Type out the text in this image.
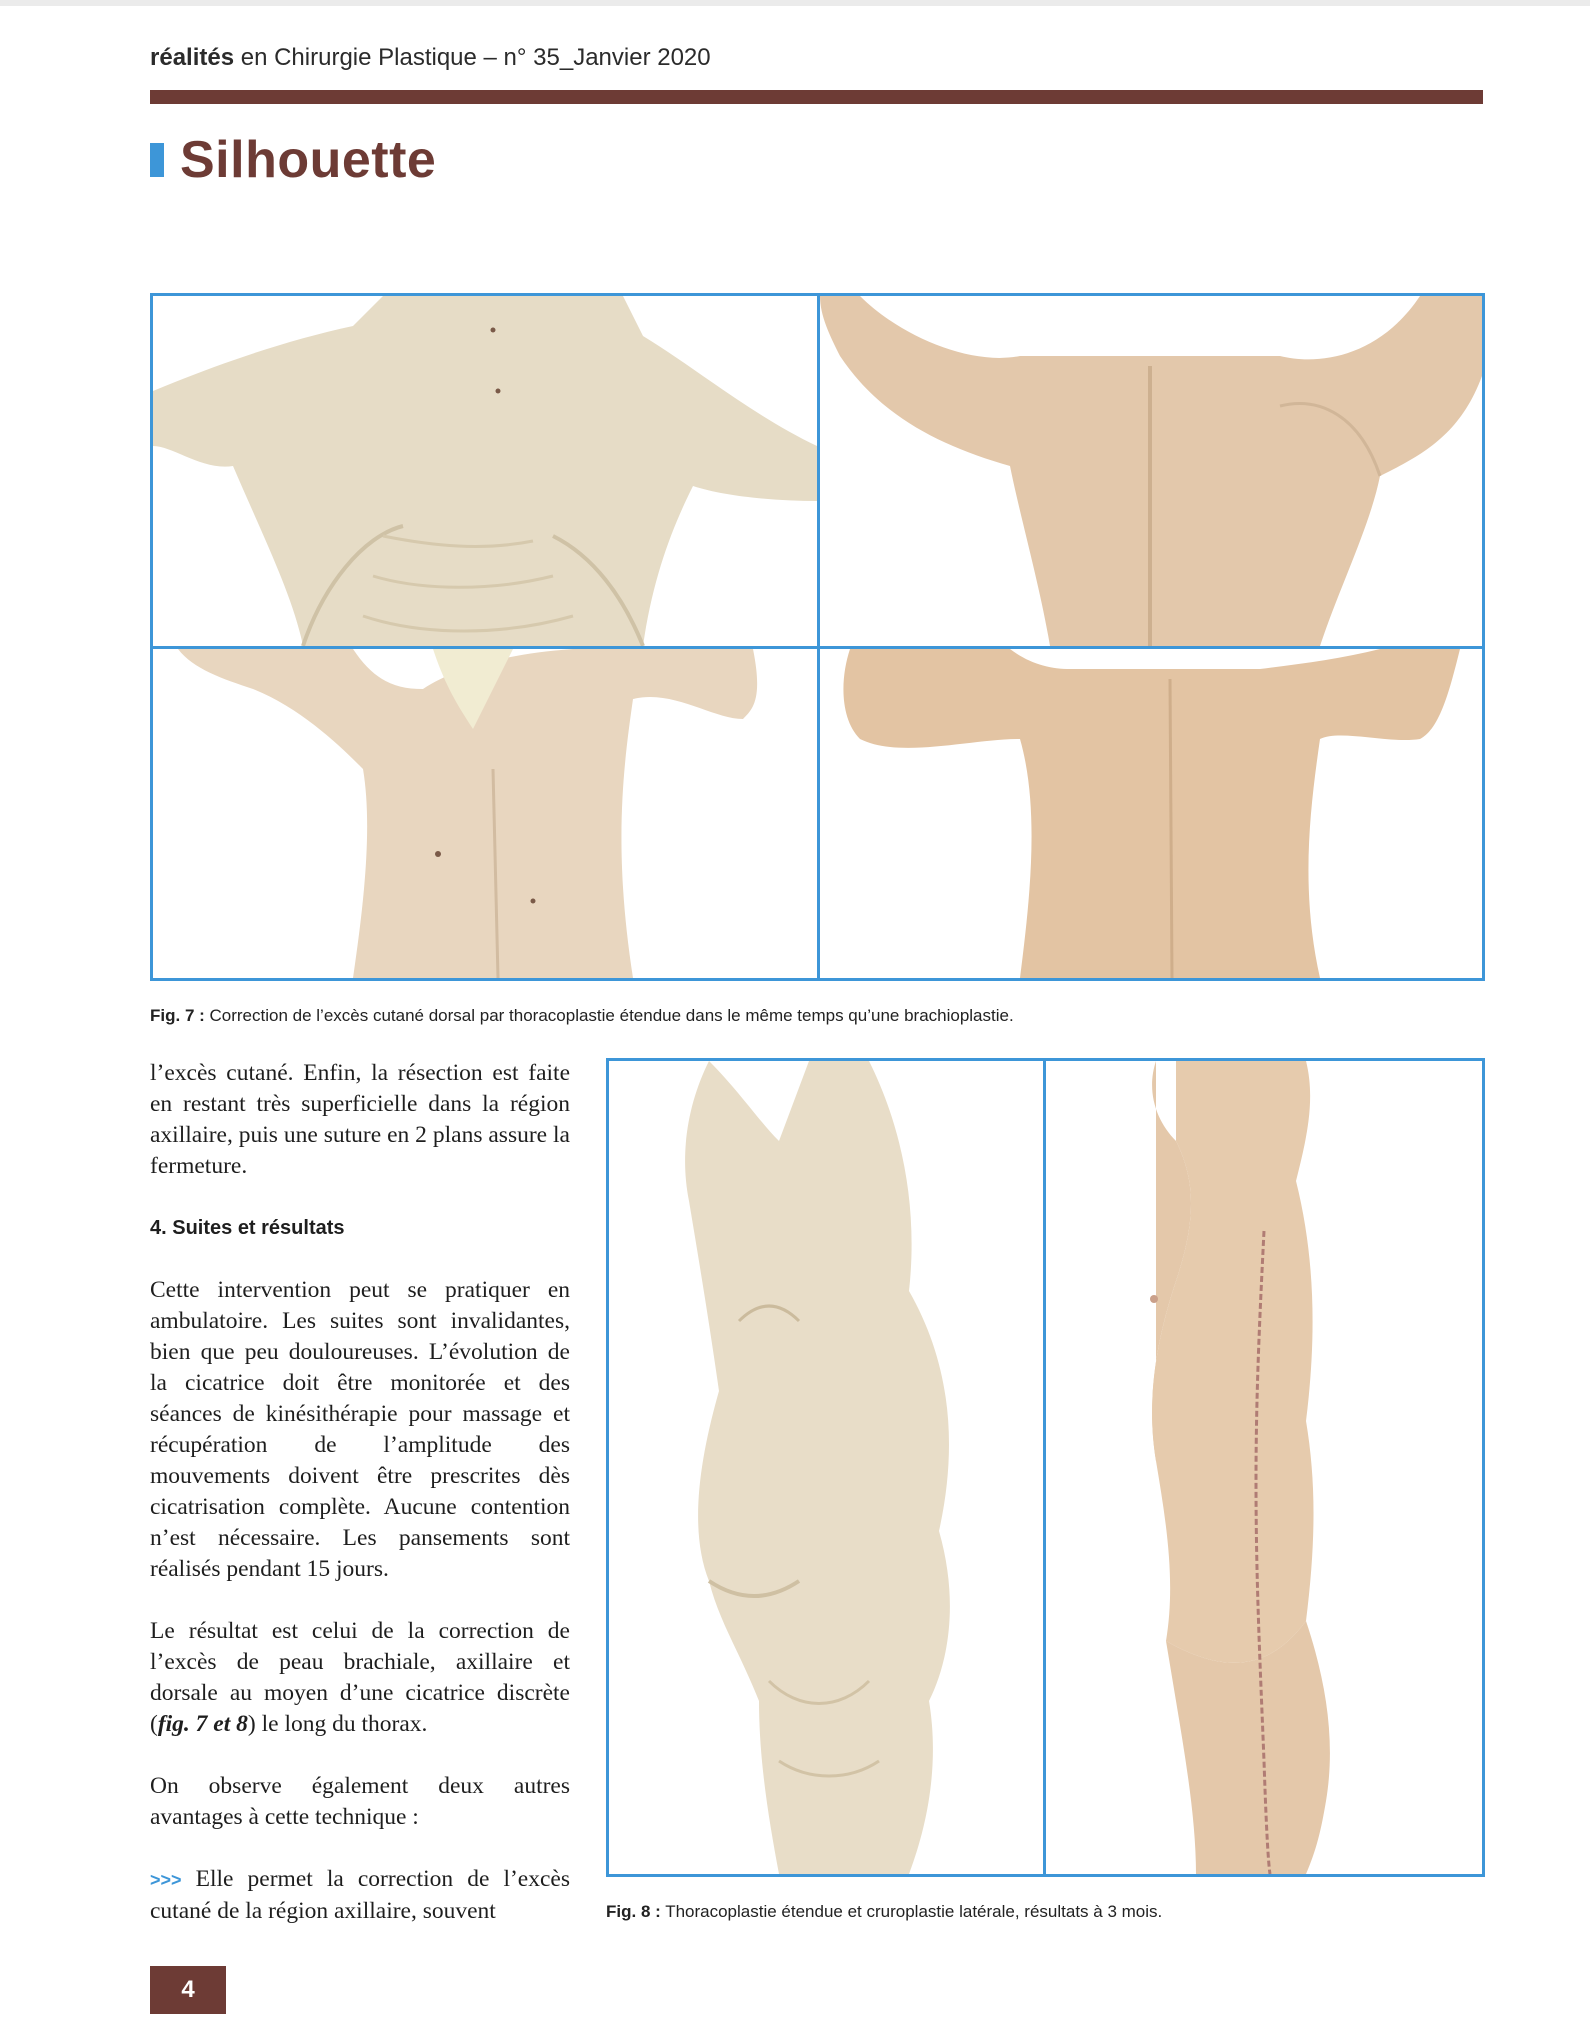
réalités en Chirurgie Plastique – n° 35_Janvier 2020
Silhouette
Fig. 7 : Correction de l’excès cutané dorsal par thoracoplastie étendue dans le même temps qu’une brachioplastie.

l’excès cutané. Enfin, la résection est faite en restant très superficielle dans la région axillaire, puis une suture en 2 plans assure la fermeture.

4. Suites et résultats

Cette intervention peut se pratiquer en ambulatoire. Les suites sont invalidantes, bien que peu douloureuses. L’évolution de la cicatrice doit être monitorée et des séances de kinésithérapie pour massage et récupération de l’amplitude des mouvements doivent être prescrites dès cicatrisation complète. Aucune contention n’est nécessaire. Les pansements sont réalisés pendant 15 jours.

Le résultat est celui de la correction de l’excès de peau brachiale, axillaire et dorsale au moyen d’une cicatrice discrète (fig. 7 et 8) le long du thorax.

On observe également deux autres avantages à cette technique :

>>> Elle permet la correction de l’excès cutané de la région axillaire, souvent	Fig. 8 : Thoracoplastie étendue et cruroplastie latérale, résultats à 3 mois.
4
